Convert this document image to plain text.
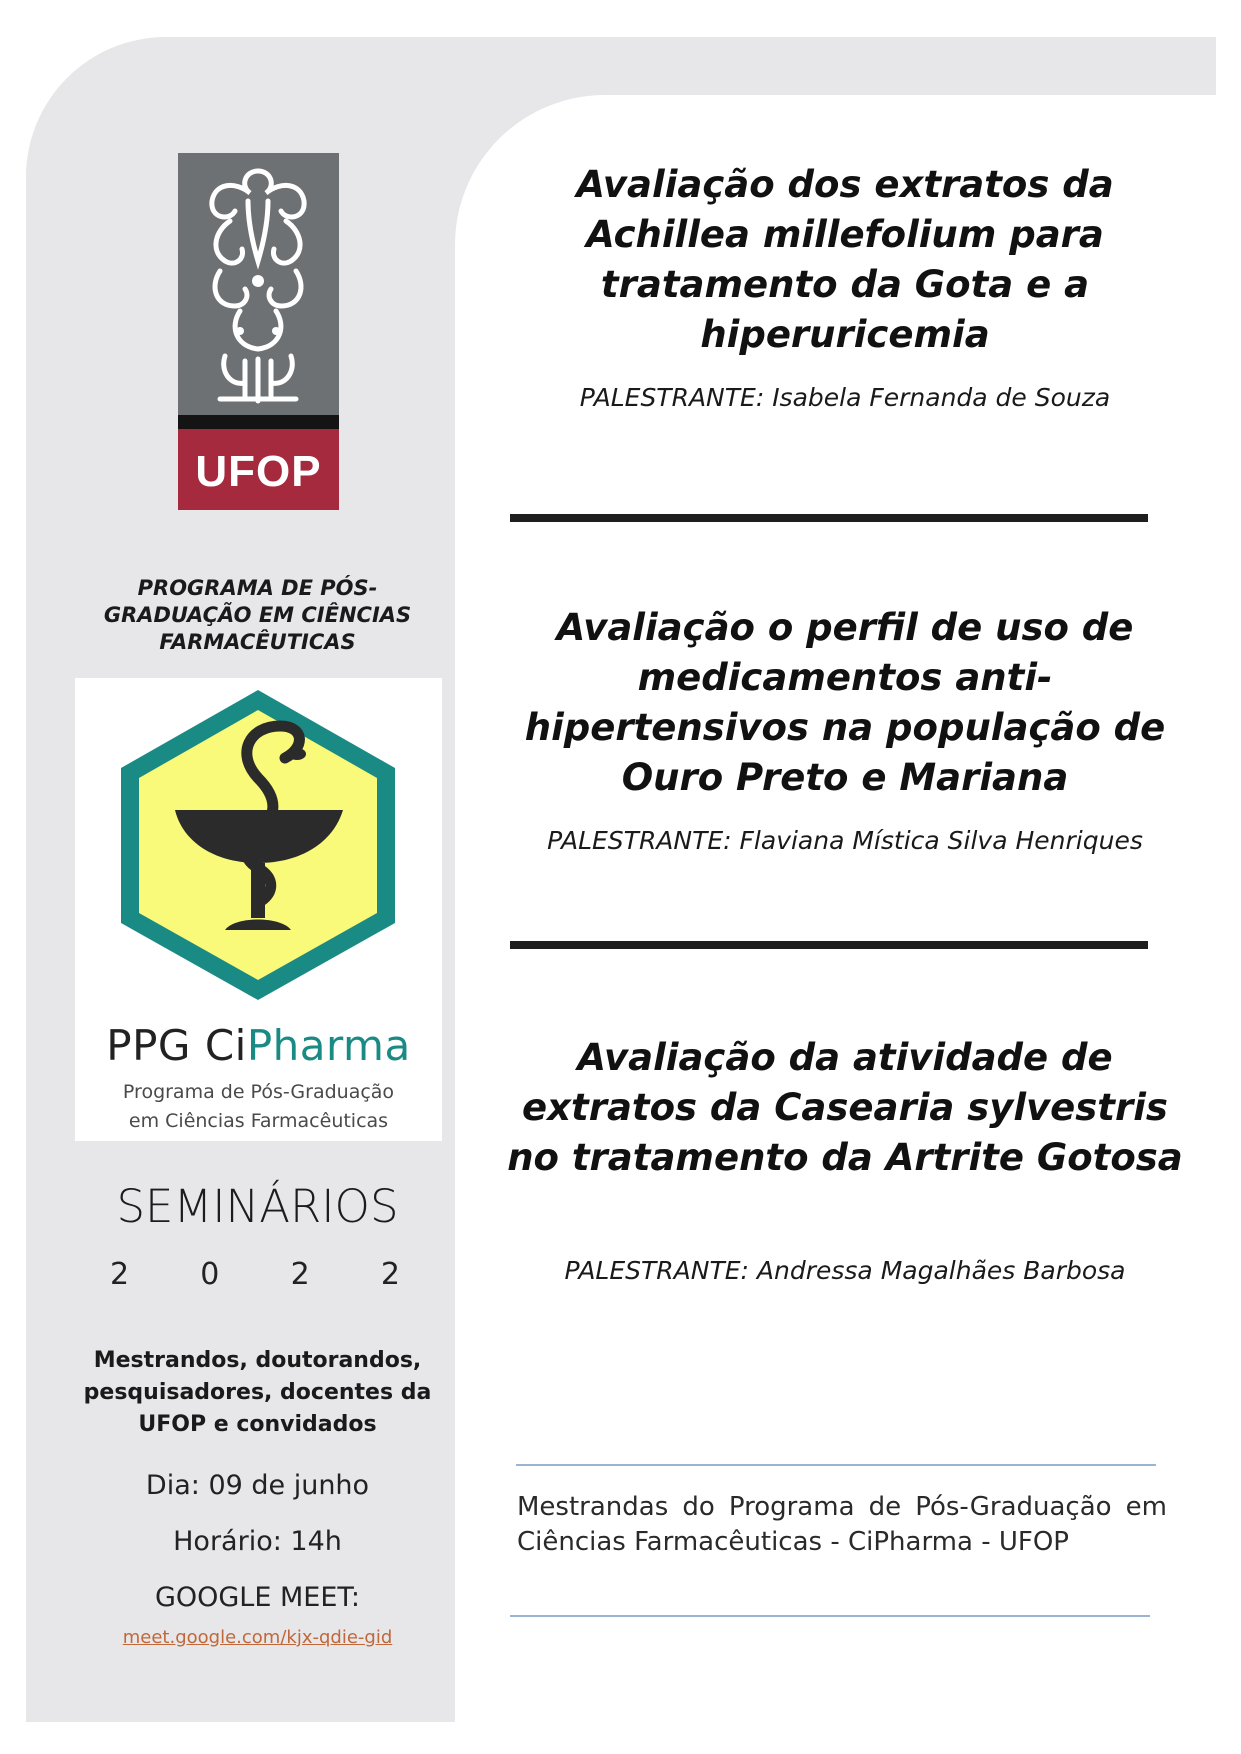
UFOP
PROGRAMA DE PÓS-GRADUAÇÃO EM CIÊNCIAS FARMACÊUTICAS
PPG CiPharma
Programa de Pós-Graduação
em Ciências Farmacêuticas
SEMINÁRIOS
2 0 2 2
Mestrandos, doutorandos, pesquisadores, docentes da UFOP e convidados
Dia: 09 de junho
Horário: 14h
GOOGLE MEET:
meet.google.com/kjx-qdie-gid
Avaliação dos extratos da Achillea millefolium para tratamento da Gota e a hiperuricemia
PALESTRANTE: Isabela Fernanda de Souza
Avaliação o perfil de uso de medicamentos anti-hipertensivos na população de Ouro Preto e Mariana
PALESTRANTE: Flaviana Mística Silva Henriques
Avaliação da atividade de extratos da Casearia sylvestris no tratamento da Artrite Gotosa
PALESTRANTE: Andressa Magalhães Barbosa
Mestrandas do Programa de Pós-Graduação em Ciências Farmacêuticas - CiPharma - UFOP
